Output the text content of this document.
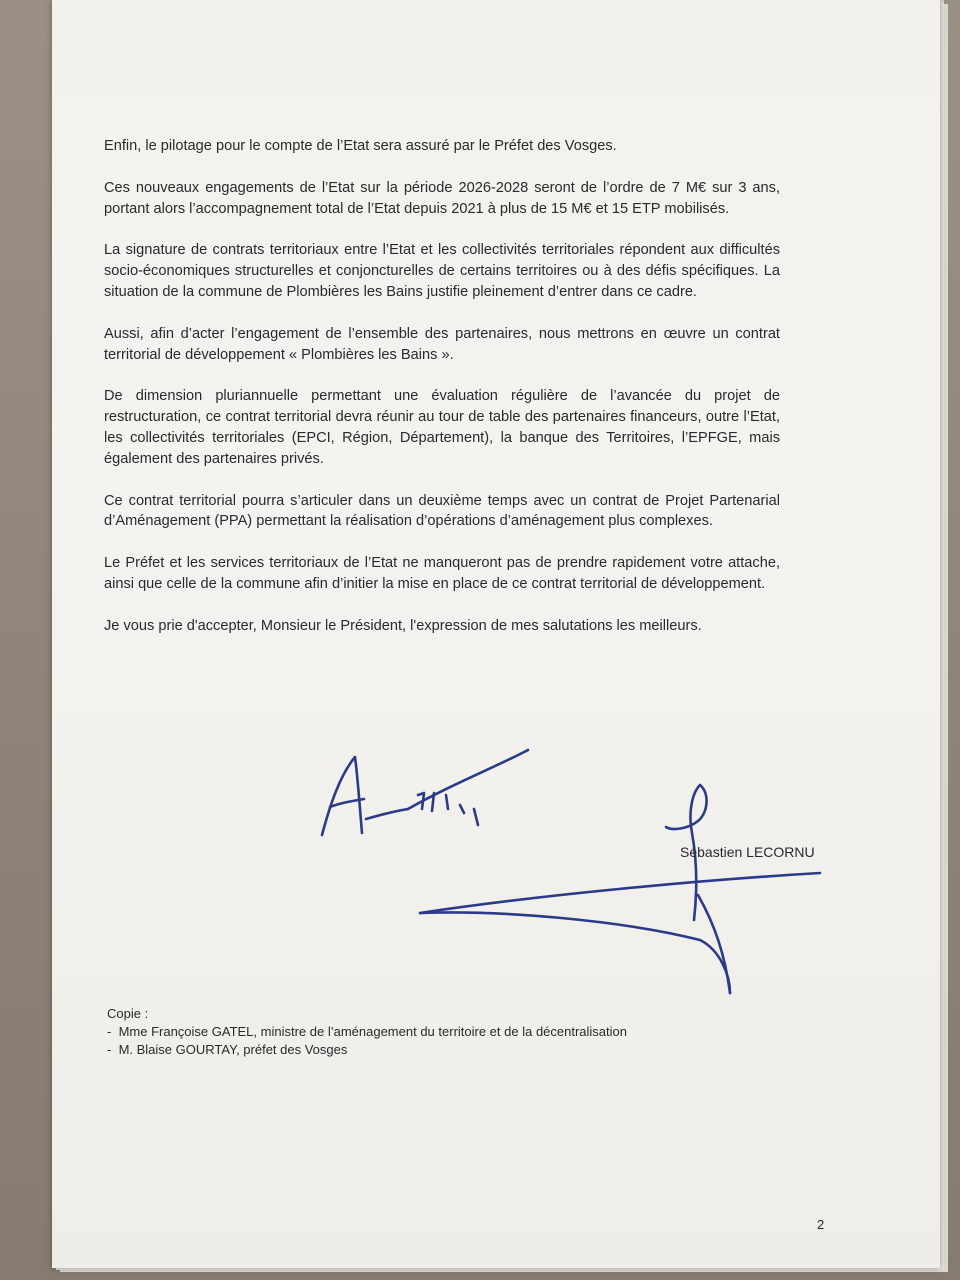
Enfin, le pilotage pour le compte de l’Etat sera assuré par le Préfet des Vosges.

Ces nouveaux engagements de l’Etat sur la période 2026-2028 seront de l’ordre de 7 M€ sur 3 ans, portant alors l’accompagnement total de l’Etat depuis 2021 à plus de 15 M€ et 15 ETP mobilisés.

La signature de contrats territoriaux entre l’Etat et les collectivités territoriales répondent aux difficultés socio-économiques structurelles et conjoncturelles de certains territoires ou à des défis spécifiques. La situation de la commune de Plombières les Bains justifie pleinement d’entrer dans ce cadre.

Aussi, afin d’acter l’engagement de l’ensemble des partenaires, nous mettrons en œuvre un contrat territorial de développement « Plombières les Bains ».

De dimension pluriannuelle permettant une évaluation régulière de l’avancée du projet de restructuration, ce contrat territorial devra réunir au tour de table des partenaires financeurs, outre l’Etat, les collectivités territoriales (EPCI, Région, Département), la banque des Territoires, l’EPFGE, mais également des partenaires privés.

Ce contrat territorial pourra s’articuler dans un deuxième temps avec un contrat de Projet Partenarial d’Aménagement (PPA) permettant la réalisation d’opérations d’aménagement plus complexes.

Le Préfet et les services territoriaux de l’Etat ne manqueront pas de prendre rapidement votre attache, ainsi que celle de la commune afin d’initier la mise en place de ce contrat territorial de développement.

Je vous prie d'accepter, Monsieur le Président, l'expression de mes salutations les meilleurs.

Sébastien LECORNU
Copie :
- Mme Françoise GATEL, ministre de l’aménagement du territoire et de la décentralisation
- M. Blaise GOURTAY, préfet des Vosges
2
